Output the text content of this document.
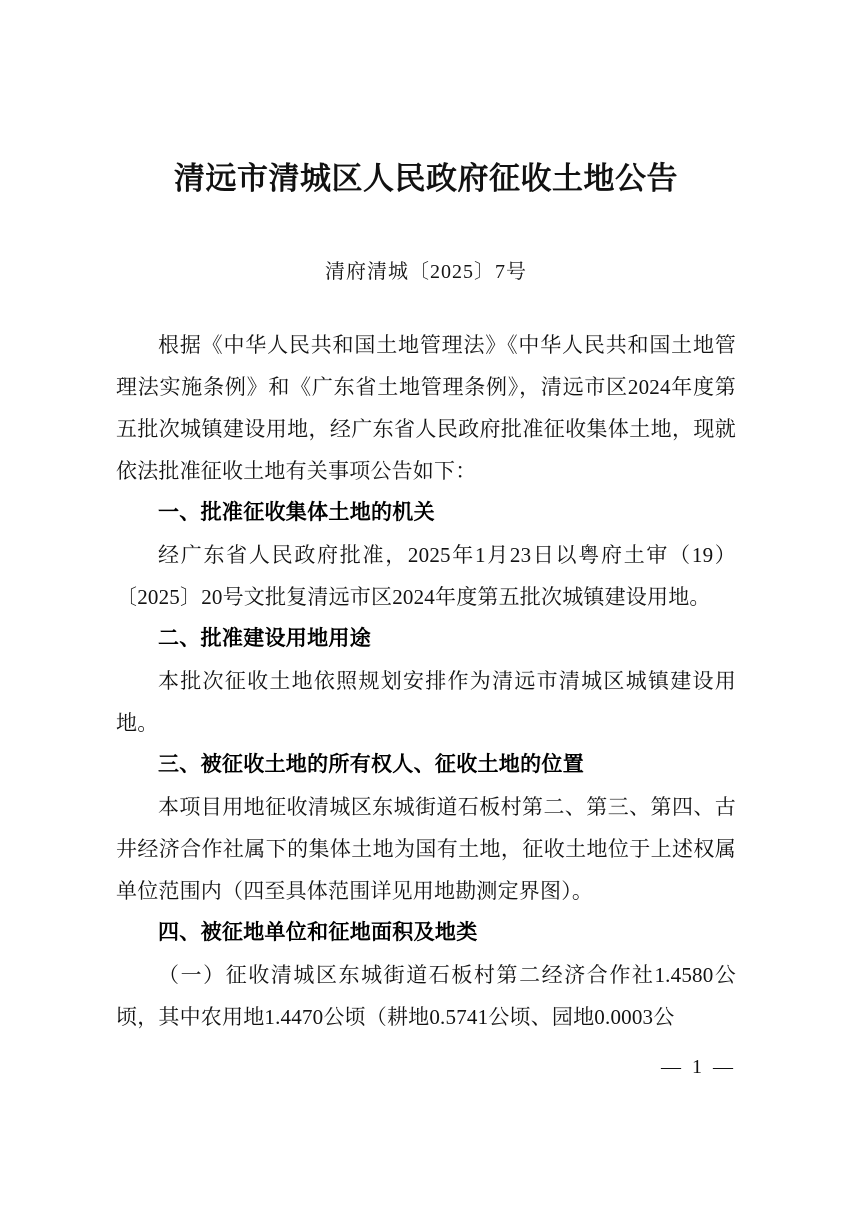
清远市清城区人民政府征收土地公告

清府清城〔2025〕7号

根据《中华人民共和国土地管理法》《中华人民共和国土地管理法实施条例》和《广东省土地管理条例》，清远市区2024年度第五批次城镇建设用地，经广东省人民政府批准征收集体土地，现就依法批准征收土地有关事项公告如下：

一、批准征收集体土地的机关

经广东省人民政府批准，2025年1月23日以粤府土审（19）〔2025〕20号文批复清远市区2024年度第五批次城镇建设用地。

二、批准建设用地用途

本批次征收土地依照规划安排作为清远市清城区城镇建设用地。

三、被征收土地的所有权人、征收土地的位置

本项目用地征收清城区东城街道石板村第二、第三、第四、古井经济合作社属下的集体土地为国有土地，征收土地位于上述权属单位范围内（四至具体范围详见用地勘测定界图）。

四、被征地单位和征地面积及地类

（一）征收清城区东城街道石板村第二经济合作社1.4580公顷，其中农用地1.4470公顷（耕地0.5741公顷、园地0.0003公

— 1 —
